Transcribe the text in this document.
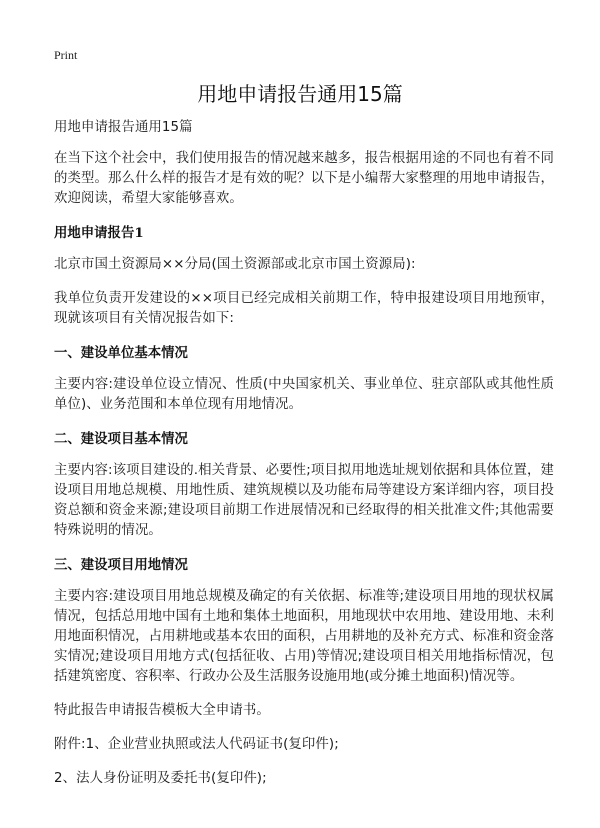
Print
用地申请报告通用15篇

用地申请报告通用15篇

在当下这个社会中，我们使用报告的情况越来越多，报告根据用途的不同也有着不同的类型。那么什么样的报告才是有效的呢？以下是小编帮大家整理的用地申请报告，欢迎阅读，希望大家能够喜欢。

用地申请报告1

北京市国土资源局××分局(国土资源部或北京市国土资源局):

我单位负责开发建设的××项目已经完成相关前期工作，特申报建设项目用地预审，现就该项目有关情况报告如下:

一、建设单位基本情况

主要内容:建设单位设立情况、性质(中央国家机关、事业单位、驻京部队或其他性质单位)、业务范围和本单位现有用地情况。

二、建设项目基本情况

主要内容:该项目建设的.相关背景、必要性;项目拟用地选址规划依据和具体位置，建设项目用地总规模、用地性质、建筑规模以及功能布局等建设方案详细内容，项目投资总额和资金来源;建设项目前期工作进展情况和已经取得的相关批准文件;其他需要特殊说明的情况。

三、建设项目用地情况

主要内容:建设项目用地总规模及确定的有关依据、标准等;建设项目用地的现状权属情况，包括总用地中国有土地和集体土地面积，用地现状中农用地、建设用地、未利用地面积情况，占用耕地或基本农田的面积，占用耕地的及补充方式、标准和资金落实情况;建设项目用地方式(包括征收、占用)等情况;建设项目相关用地指标情况，包括建筑密度、容积率、行政办公及生活服务设施用地(或分摊土地面积)情况等。

特此报告申请报告模板大全申请书。

附件:1、企业营业执照或法人代码证书(复印件);

2、法人身份证明及委托书(复印件);
